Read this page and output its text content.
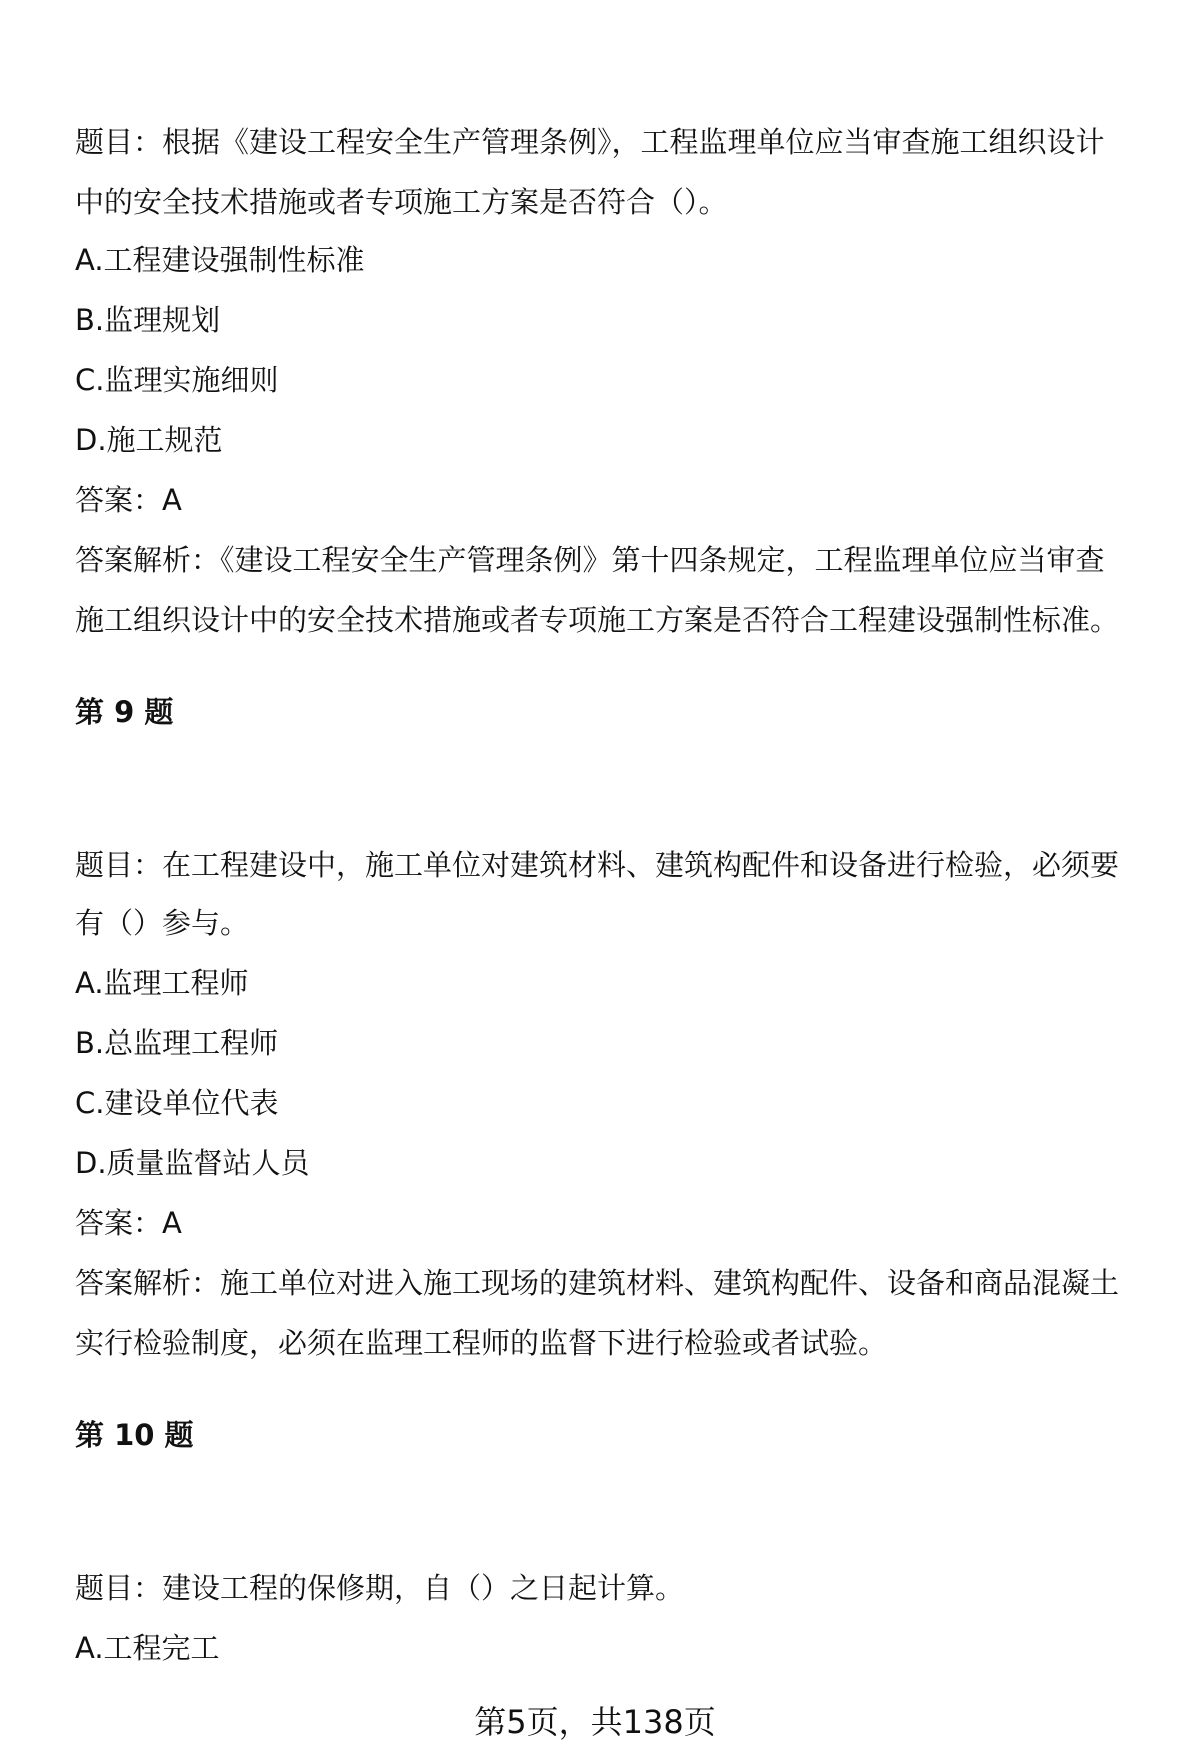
题目：根据《建设工程安全生产管理条例》，工程监理单位应当审查施工组织设计
中的安全技术措施或者专项施工方案是否符合（）。
A.工程建设强制性标准
B.监理规划
C.监理实施细则
D.施工规范
答案：A
答案解析：《建设工程安全生产管理条例》第十四条规定，工程监理单位应当审查
施工组织设计中的安全技术措施或者专项施工方案是否符合工程建设强制性标准。
第 9 题
题目：在工程建设中，施工单位对建筑材料、建筑构配件和设备进行检验，必须要
有（）参与。
A.监理工程师
B.总监理工程师
C.建设单位代表
D.质量监督站人员
答案：A
答案解析：施工单位对进入施工现场的建筑材料、建筑构配件、设备和商品混凝土
实行检验制度，必须在监理工程师的监督下进行检验或者试验。
第 10 题
题目：建设工程的保修期，自（）之日起计算。
A.工程完工
第5页，共138页
